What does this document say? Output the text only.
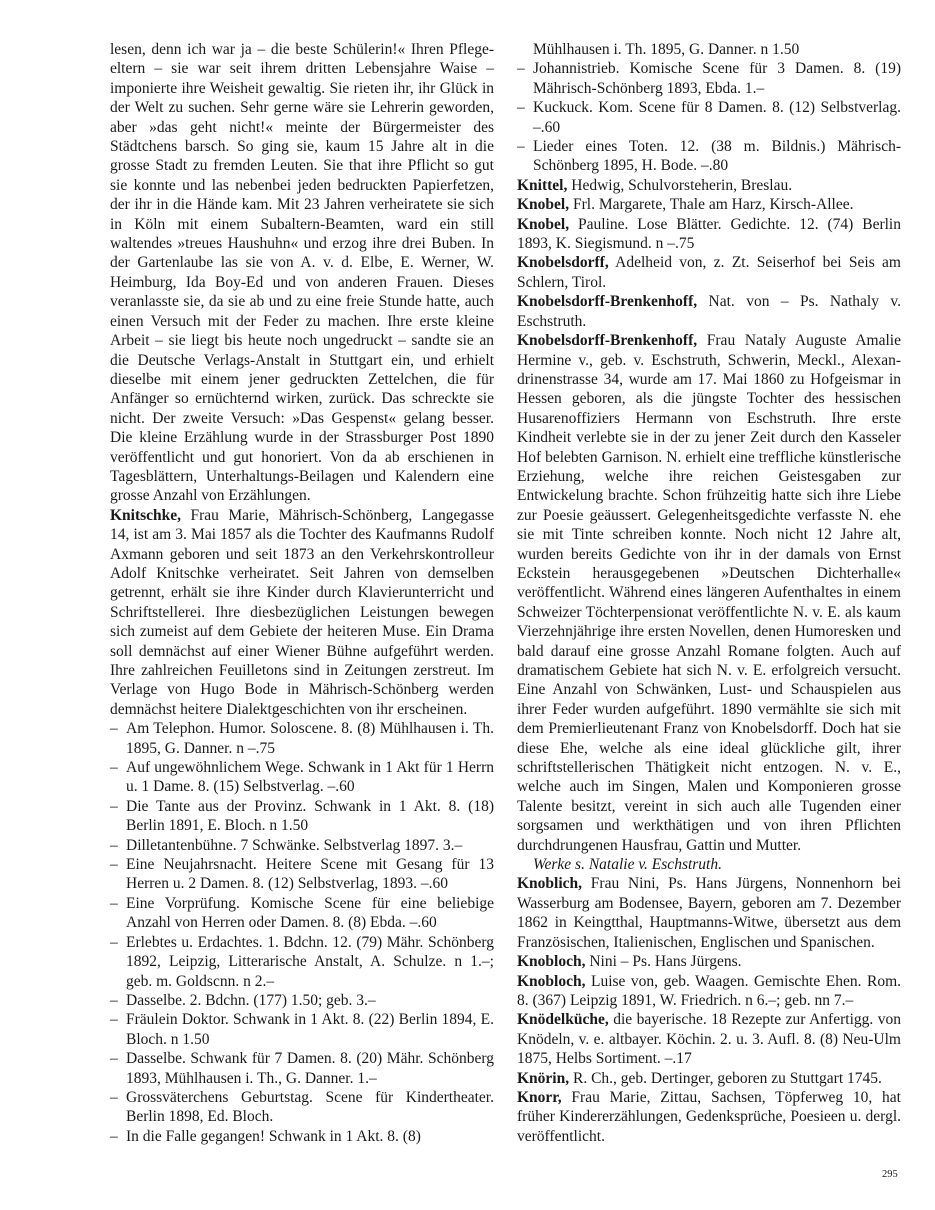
lesen, denn ich war ja – die beste Schülerin!« Ihren Pflegeeltern – sie war seit ihrem dritten Lebensjahre Waise – imponierte ihre Weisheit gewaltig. Sie rieten ihr, ihr Glück in der Welt zu suchen. Sehr gerne wäre sie Lehrerin geworden, aber »das geht nicht!« meinte der Bürgermeister des Städtchens barsch. So ging sie, kaum 15 Jahre alt in die grosse Stadt zu fremden Leuten. Sie that ihre Pflicht so gut sie konnte und las nebenbei jeden bedruckten Papierfetzen, der ihr in die Hände kam. Mit 23 Jahren verheiratete sie sich in Köln mit einem Subaltern-Beamten, ward ein still waltendes »treues Haushuhn« und erzog ihre drei Buben. In der Gartenlaube las sie von A. v. d. Elbe, E. Werner, W. Heimburg, Ida Boy-Ed und von anderen Frauen. Dieses veranlasste sie, da sie ab und zu eine freie Stunde hatte, auch einen Versuch mit der Feder zu machen. Ihre erste kleine Arbeit – sie liegt bis heute noch ungedruckt – sandte sie an die Deutsche Verlags-Anstalt in Stuttgart ein, und erhielt dieselbe mit einem jener gedruckten Zettelchen, die für Anfänger so ernüchternd wirken, zurück. Das schreckte sie nicht. Der zweite Versuch: »Das Gespenst« gelang besser. Die kleine Erzählung wurde in der Strassburger Post 1890 veröffentlicht und gut honoriert. Von da ab erschienen in Tagesblättern, Unterhaltungs-Beilagen und Kalendern eine grosse Anzahl von Erzählungen.

Knitschke, Frau Marie, Mährisch-Schönberg, Langegasse 14, ist am 3. Mai 1857 als die Tochter des Kaufmanns Rudolf Axmann geboren und seit 1873 an den Verkehrskontrolleur Adolf Knitschke verheiratet. Seit Jahren von demselben getrennt, erhält sie ihre Kinder durch Klavierunterricht und Schriftstellerei. Ihre diesbezüglichen Leistungen bewegen sich zumeist auf dem Gebiete der heiteren Muse. Ein Drama soll demnächst auf einer Wiener Bühne aufgeführt werden. Ihre zahlreichen Feuilletons sind in Zeitungen zerstreut. Im Verlage von Hugo Bode in Mährisch-Schönberg werden demnächst heitere Dialektgeschichten von ihr erscheinen.

– Am Telephon. Humor. Soloscene. 8. (8) Mühlhausen i. Th. 1895, G. Danner. n –.75

– Auf ungewöhnlichem Wege. Schwank in 1 Akt für 1 Herrn u. 1 Dame. 8. (15) Selbstverlag. –.60

– Die Tante aus der Provinz. Schwank in 1 Akt. 8. (18) Berlin 1891, E. Bloch. n 1.50

– Dilletantenbühne. 7 Schwänke. Selbstverlag 1897. 3.–

– Eine Neujahrsnacht. Heitere Scene mit Gesang für 13 Herren u. 2 Damen. 8. (12) Selbstverlag, 1893. –.60

– Eine Vorprüfung. Komische Scene für eine beliebige Anzahl von Herren oder Damen. 8. (8) Ebda. –.60

– Erlebtes u. Erdachtes. 1. Bdchn. 12. (79) Mähr. Schönberg 1892, Leipzig, Litterarische Anstalt, A. Schulze. n 1.–; geb. m. Goldscnn. n 2.–

– Dasselbe. 2. Bdchn. (177) 1.50; geb. 3.–

– Fräulein Doktor. Schwank in 1 Akt. 8. (22) Berlin 1894, E. Bloch. n 1.50

– Dasselbe. Schwank für 7 Damen. 8. (20) Mähr. Schönberg 1893, Mühlhausen i. Th., G. Danner. 1.–

– Grossväterchens Geburtstag. Scene für Kindertheater. Berlin 1898, Ed. Bloch.

– In die Falle gegangen! Schwank in 1 Akt. 8. (8)

Mühlhausen i. Th. 1895, G. Danner. n 1.50

– Johannistrieb. Komische Scene für 3 Damen. 8. (19) Mährisch-Schönberg 1893, Ebda. 1.–

– Kuckuck. Kom. Scene für 8 Damen. 8. (12) Selbstverlag. –.60

– Lieder eines Toten. 12. (38 m. Bildnis.) Mährisch-Schönberg 1895, H. Bode. –.80

Knittel, Hedwig, Schulvorsteherin, Breslau.

Knobel, Frl. Margarete, Thale am Harz, Kirsch-Allee.

Knobel, Pauline. Lose Blätter. Gedichte. 12. (74) Berlin 1893, K. Siegismund. n –.75

Knobelsdorff, Adelheid von, z. Zt. Seiserhof bei Seis am Schlern, Tirol.

Knobelsdorff-Brenkenhoff, Nat. von – Ps. Nathaly v. Eschstruth.

Knobelsdorff-Brenkenhoff, Frau Nataly Auguste Amalie Hermine v., geb. v. Eschstruth, Schwerin, Meckl., Alexandrinenstrasse 34, wurde am 17. Mai 1860 zu Hofgeismar in Hessen geboren, als die jüngste Tochter des hessischen Husarenoffiziers Hermann von Eschstruth. Ihre erste Kindheit verlebte sie in der zu jener Zeit durch den Kasseler Hof belebten Garnison. N. erhielt eine treffliche künstlerische Erziehung, welche ihre reichen Geistesgaben zur Entwickelung brachte. Schon frühzeitig hatte sich ihre Liebe zur Poesie geäussert. Gelegenheitsgedichte verfasste N. ehe sie mit Tinte schreiben konnte. Noch nicht 12 Jahre alt, wurden bereits Gedichte von ihr in der damals von Ernst Eckstein herausgegebenen »Deutschen Dichterhalle« veröffentlicht. Während eines längeren Aufenthaltes in einem Schweizer Töchterpensionat veröffentlichte N. v. E. als kaum Vierzehnjährige ihre ersten Novellen, denen Humoresken und bald darauf eine grosse Anzahl Romane folgten. Auch auf dramatischem Gebiete hat sich N. v. E. erfolgreich versucht. Eine Anzahl von Schwänken, Lust- und Schauspielen aus ihrer Feder wurden aufgeführt. 1890 vermählte sie sich mit dem Premierlieutenant Franz von Knobelsdorff. Doch hat sie diese Ehe, welche als eine ideal glückliche gilt, ihrer schriftstellerischen Thätigkeit nicht entzogen. N. v. E., welche auch im Singen, Malen und Komponieren grosse Talente besitzt, vereint in sich auch alle Tugenden einer sorgsamen und werkthätigen und von ihren Pflichten durchdrungenen Hausfrau, Gattin und Mutter.

Werke s. Natalie v. Eschstruth.

Knoblich, Frau Nini, Ps. Hans Jürgens, Nonnenhorn bei Wasserburg am Bodensee, Bayern, geboren am 7. Dezember 1862 in Keingtthal, Hauptmanns-Witwe, übersetzt aus dem Französischen, Italienischen, Englischen und Spanischen.

Knobloch, Nini – Ps. Hans Jürgens.

Knobloch, Luise von, geb. Waagen. Gemischte Ehen. Rom. 8. (367) Leipzig 1891, W. Friedrich. n 6.–; geb. nn 7.–

Knödelküche, die bayerische. 18 Rezepte zur Anfertigg. von Knödeln, v. e. altbayer. Köchin. 2. u. 3. Aufl. 8. (8) Neu-Ulm 1875, Helbs Sortiment. –.17

Knörin, R. Ch., geb. Dertinger, geboren zu Stuttgart 1745.

Knorr, Frau Marie, Zittau, Sachsen, Töpferweg 10, hat früher Kindererzählungen, Gedenksprüche, Poesieen u. dergl. veröffentlicht.

295
